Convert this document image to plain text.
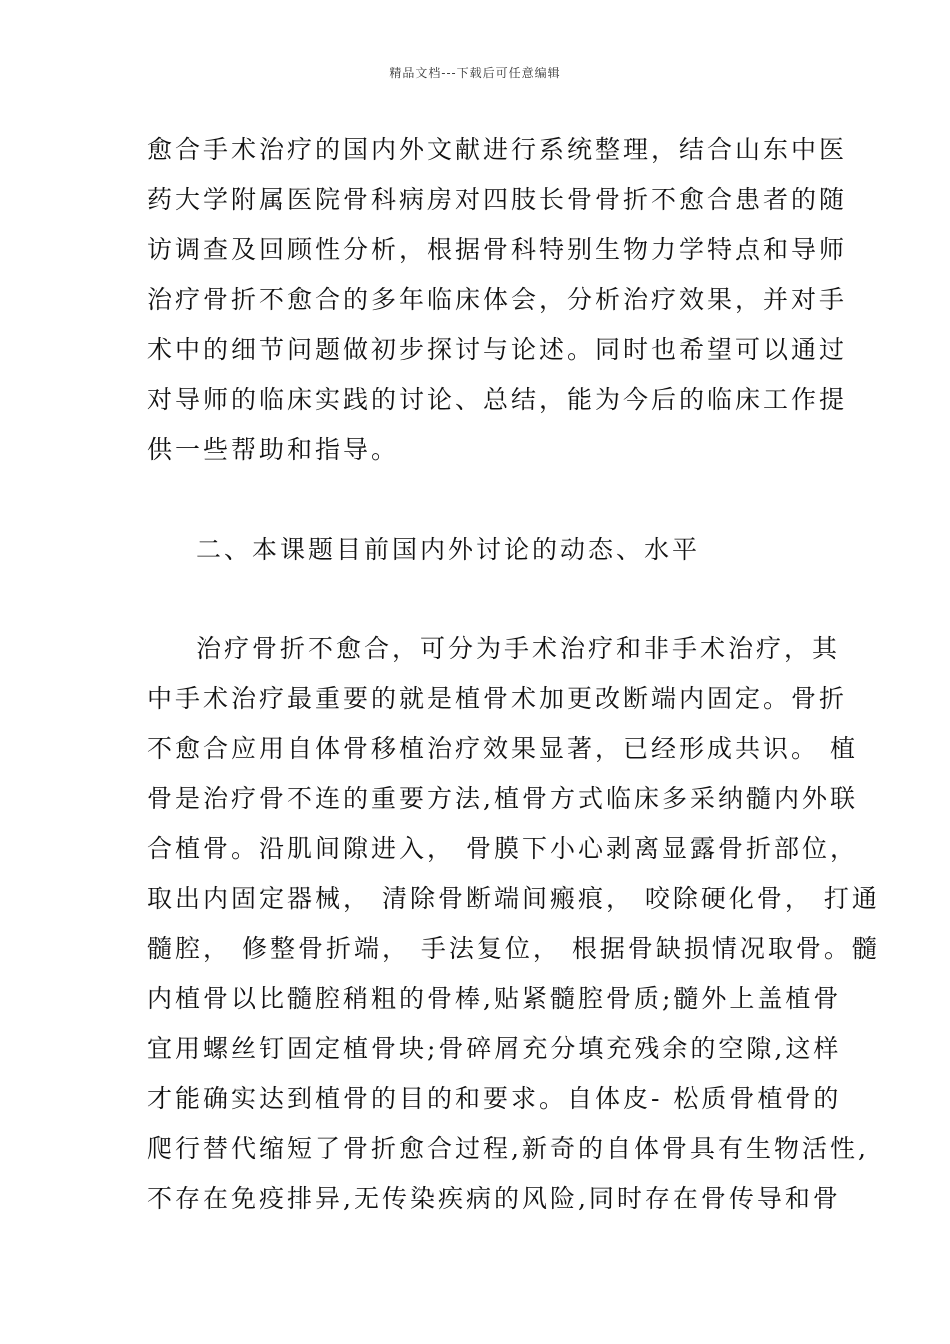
精品文档---下载后可任意编辑
愈合手术治疗的国内外文献进行系统整理，结合山东中医
药大学附属医院骨科病房对四肢长骨骨折不愈合患者的随
访调查及回顾性分析，根据骨科特别生物力学特点和导师
治疗骨折不愈合的多年临床体会，分析治疗效果，并对手
术中的细节问题做初步探讨与论述。同时也希望可以通过
对导师的临床实践的讨论、总结，能为今后的临床工作提
供一些帮助和指导。
二、本课题目前国内外讨论的动态、水平
治疗骨折不愈合，可分为手术治疗和非手术治疗，其
中手术治疗最重要的就是植骨术加更改断端内固定。骨折
不愈合应用自体骨移植治疗效果显著，已经形成共识。 植
骨是治疗骨不连的重要方法,植骨方式临床多采纳髓内外联
合植骨。沿肌间隙进入， 骨膜下小心剥离显露骨折部位，
取出内固定器械， 清除骨断端间瘢痕， 咬除硬化骨， 打通
髓腔， 修整骨折端， 手法复位， 根据骨缺损情况取骨。髓
内植骨以比髓腔稍粗的骨棒,贴紧髓腔骨质;髓外上盖植骨
宜用螺丝钉固定植骨块;骨碎屑充分填充残余的空隙,这样
才能确实达到植骨的目的和要求。自体皮- 松质骨植骨的
爬行替代缩短了骨折愈合过程,新奇的自体骨具有生物活性,
不存在免疫排异,无传染疾病的风险,同时存在骨传导和骨
